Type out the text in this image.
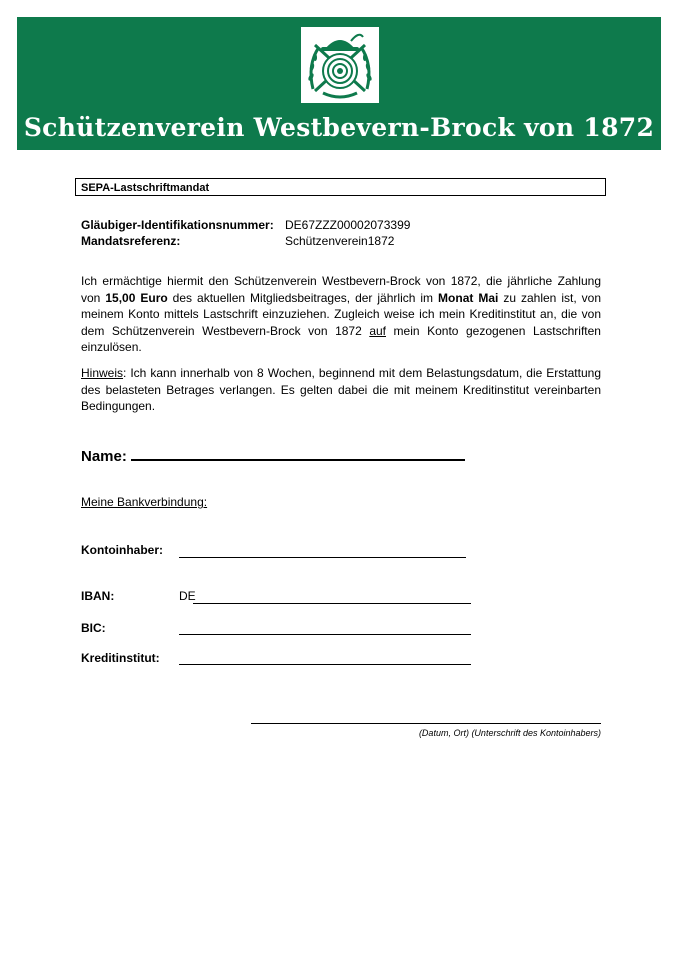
Schützenverein Westbevern-Brock von 1872
SEPA-Lastschriftmandat
Gläubiger-Identifikationsnummer: DE67ZZZ00002073399
Mandatsreferenz:	Schützenverein1872
Ich ermächtige hiermit den Schützenverein Westbevern-Brock von 1872, die jährliche Zahlung von 15,00 Euro des aktuellen Mitgliedsbeitrages, der jährlich im Monat Mai zu zahlen ist, von meinem Konto mittels Lastschrift einzuziehen. Zugleich weise ich mein Kreditinstitut an, die von dem Schützenverein Westbevern-Brock von 1872 auf mein Konto gezogenen Lastschriften einzulösen.
Hinweis: Ich kann innerhalb von 8 Wochen, beginnend mit dem Belastungsdatum, die Erstattung des belasteten Betrages verlangen. Es gelten dabei die mit meinem Kreditinstitut vereinbarten Bedingungen.
Name:
Meine Bankverbindung:
Kontoinhaber:
IBAN:	DE
BIC:
Kreditinstitut:
(Datum, Ort) (Unterschrift des Kontoinhabers)
